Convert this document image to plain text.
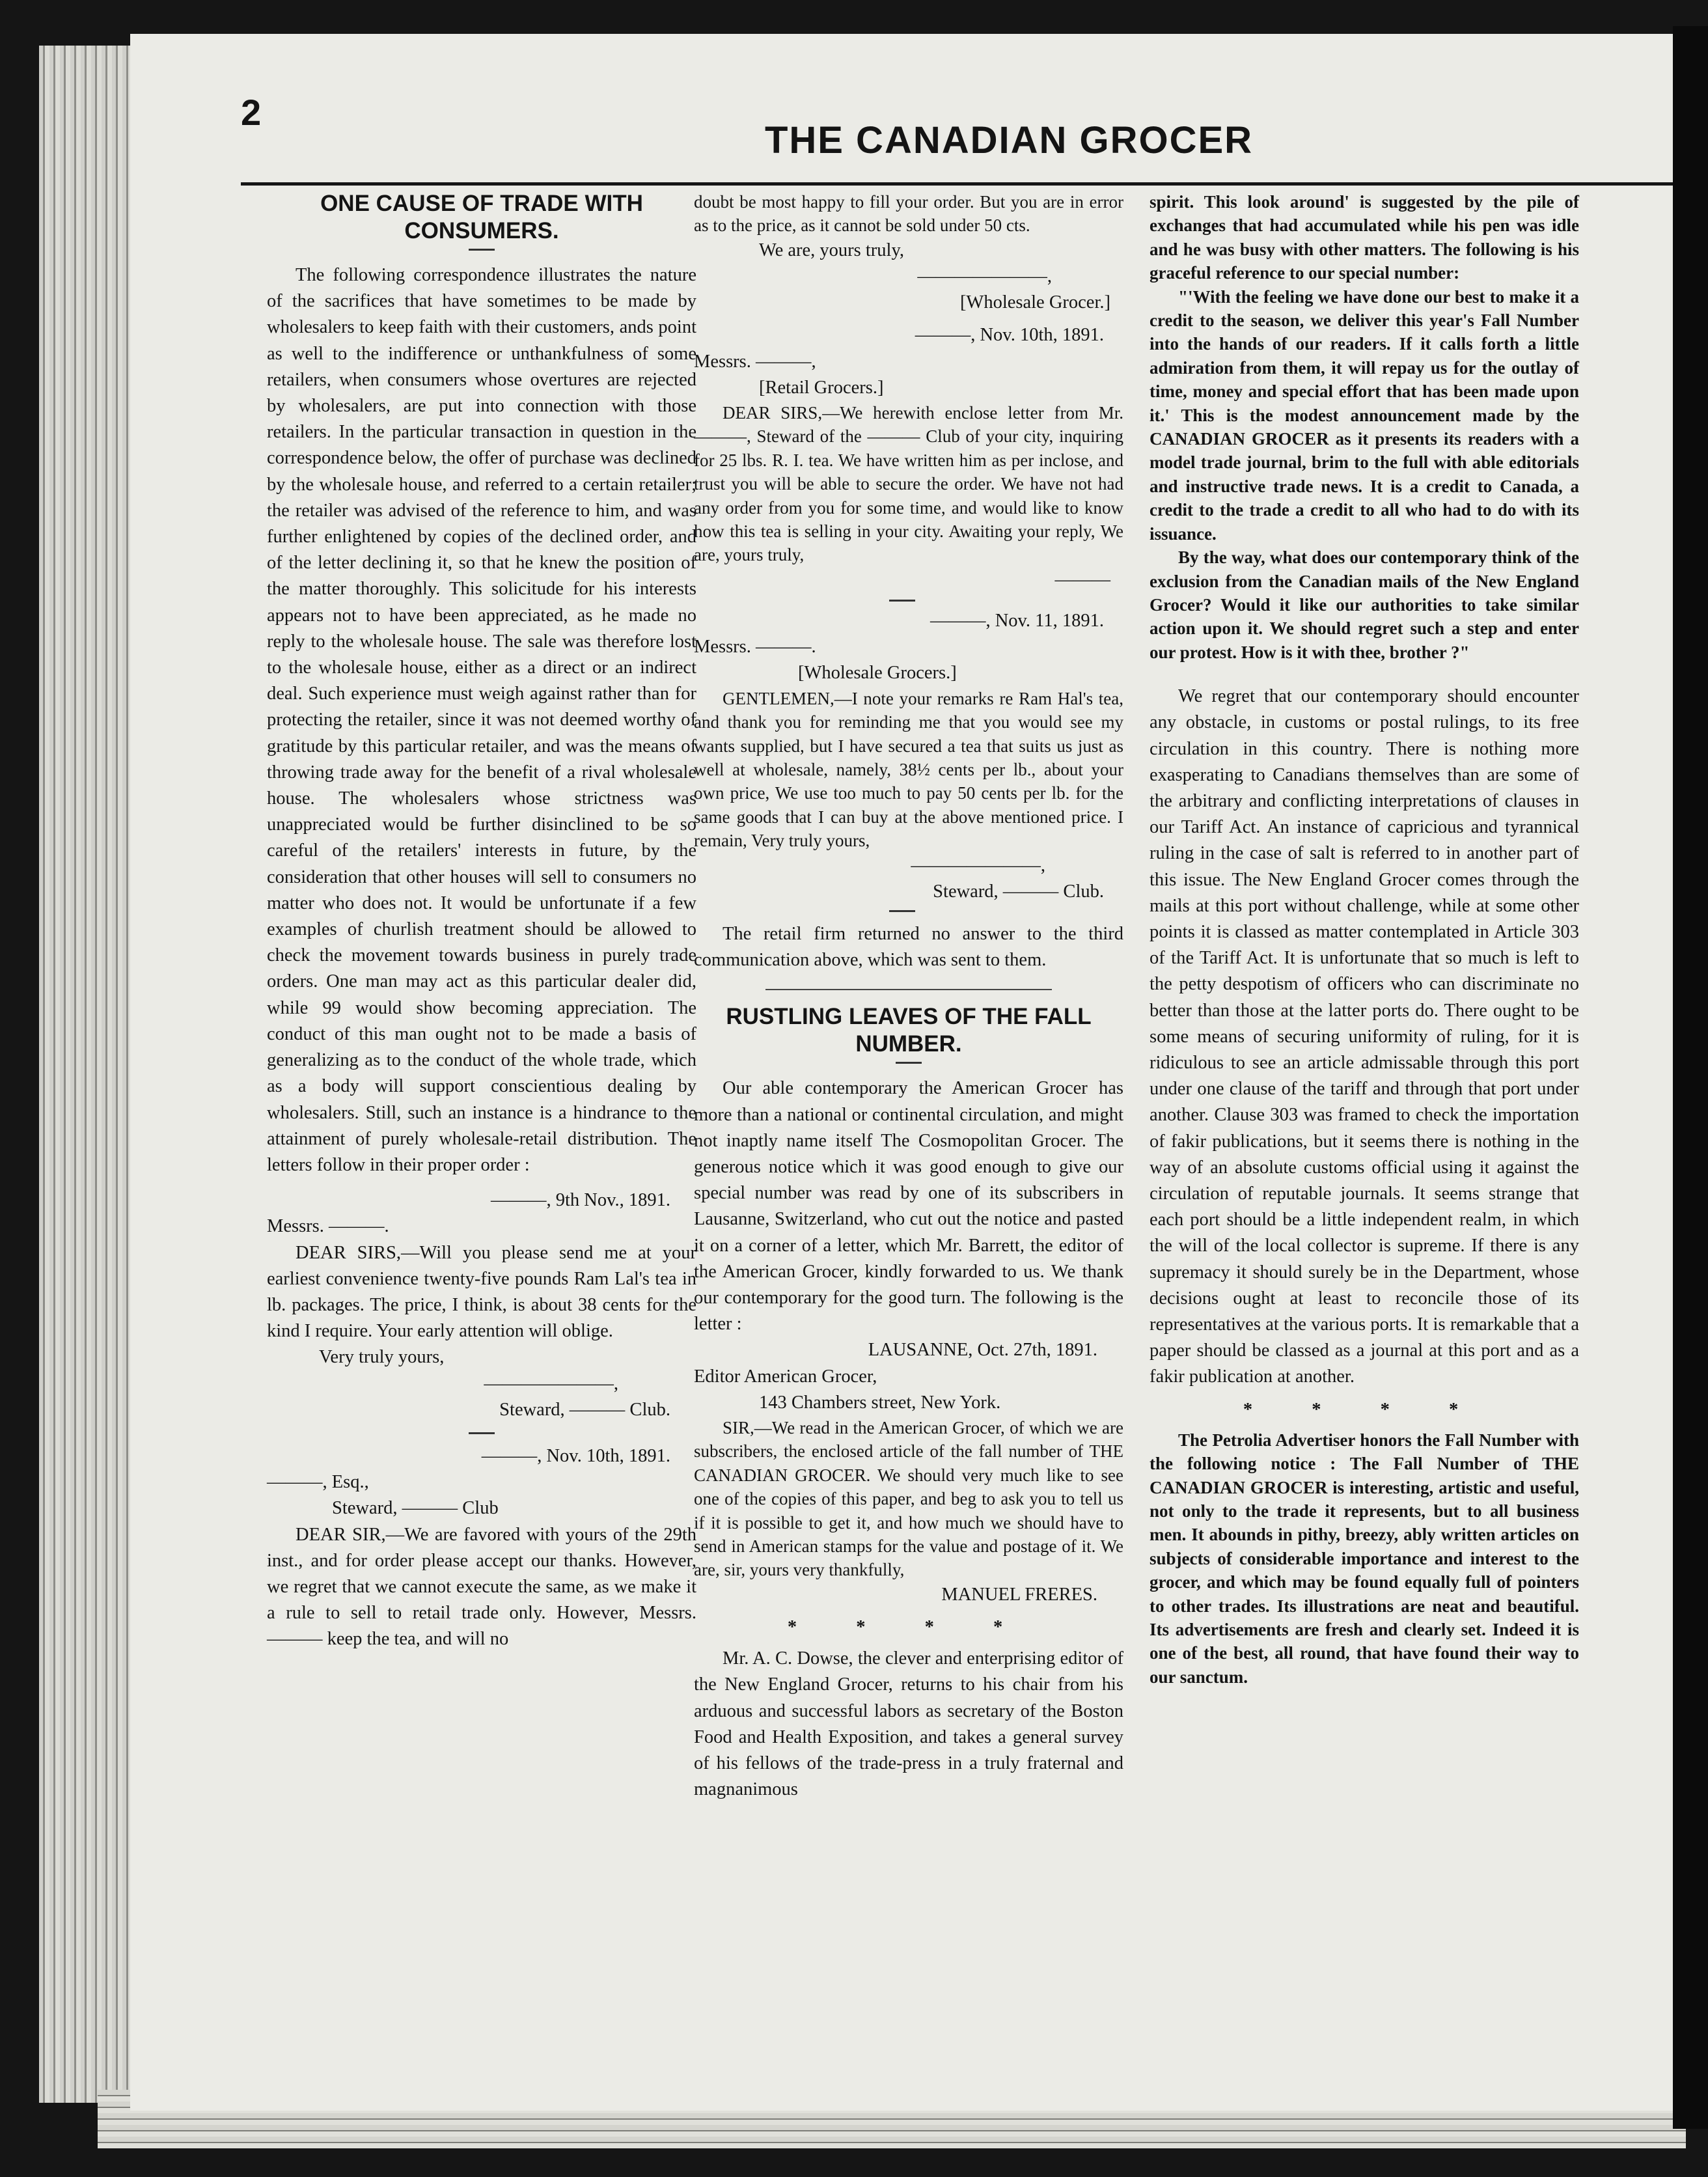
2
THE CANADIAN GROCER
ONE CAUSE OF TRADE WITH CONSUMERS.

The following correspondence illustrates the nature of the sacrifices that have sometimes to be made by wholesalers to keep faith with their customers, ands point as well to the indifference or unthankfulness of some retailers, when consumers whose overtures are rejected by wholesalers, are put into connection with those retailers. In the particular transaction in question in the correspondence below, the offer of purchase was declined by the wholesale house, and referred to a certain retailer; the retailer was advised of the reference to him, and was further enlightened by copies of the declined order, and of the letter declining it, so that he knew the position of the matter thoroughly. This solicitude for his interests appears not to have been appreciated, as he made no reply to the wholesale house. The sale was therefore lost to the wholesale house, either as a direct or an indirect deal. Such experience must weigh against rather than for protecting the retailer, since it was not deemed worthy of gratitude by this particular retailer, and was the means of throwing trade away for the benefit of a rival wholesale house. The wholesalers whose strictness was unappreciated would be further disinclined to be so careful of the retailers' interests in future, by the consideration that other houses will sell to consumers no matter who does not. It would be unfortunate if a few examples of churlish treatment should be allowed to check the movement towards business in purely trade orders. One man may act as this particular dealer did, while 99 would show becoming appreciation. The conduct of this man ought not to be made a basis of generalizing as to the conduct of the whole trade, which as a body will support conscientious dealing by wholesalers. Still, such an instance is a hindrance to the attainment of purely wholesale-retail distribution. The letters follow in their proper order :

———, 9th Nov., 1891.

Messrs. ———.

DEAR SIRS,—Will you please send me at your earliest convenience twenty-five pounds Ram Lal's tea in lb. packages. The price, I think, is about 38 cents for the kind I require. Your early attention will oblige.

Very truly yours,

———————,

Steward, ——— Club.

———, Nov. 10th, 1891.

———, Esq.,

Steward, ——— Club

DEAR SIR,—We are favored with yours of the 29th inst., and for order please accept our thanks. However, we regret that we cannot execute the same, as we make it a rule to sell to retail trade only. However, Messrs. ——— keep the tea, and will no

doubt be most happy to fill your order. But you are in error as to the price, as it cannot be sold under 50 cts.

We are, yours truly,

———————,

[Wholesale Grocer.]

———, Nov. 10th, 1891.

Messrs. ———,

[Retail Grocers.]

DEAR SIRS,—We herewith enclose letter from Mr. ———, Steward of the ——— Club of your city, inquiring for 25 lbs. R. I. tea. We have written him as per inclose, and trust you will be able to secure the order. We have not had any order from you for some time, and would like to know how this tea is selling in your city. Awaiting your reply, We are, yours truly,

———

———, Nov. 11, 1891.

Messrs. ———.

[Wholesale Grocers.]

GENTLEMEN,—I note your remarks re Ram Hal's tea, and thank you for reminding me that you would see my wants supplied, but I have secured a tea that suits us just as well at wholesale, namely, 38½ cents per lb., about your own price, We use too much to pay 50 cents per lb. for the same goods that I can buy at the above mentioned price. I remain, Very truly yours,

———————,

Steward, ——— Club.

The retail firm returned no answer to the third communication above, which was sent to them.

RUSTLING LEAVES OF THE FALL NUMBER.

Our able contemporary the American Grocer has more than a national or continental circulation, and might not inaptly name itself The Cosmopolitan Grocer. The generous notice which it was good enough to give our special number was read by one of its subscribers in Lausanne, Switzerland, who cut out the notice and pasted it on a corner of a letter, which Mr. Barrett, the editor of the American Grocer, kindly forwarded to us. We thank our contemporary for the good turn. The following is the letter :

LAUSANNE, Oct. 27th, 1891.

Editor American Grocer,

143 Chambers street, New York.

SIR,—We read in the American Grocer, of which we are subscribers, the enclosed article of the fall number of THE CANADIAN GROCER. We should very much like to see one of the copies of this paper, and beg to ask you to tell us if it is possible to get it, and how much we should have to send in American stamps for the value and postage of it. We are, sir, yours very thankfully,

MANUEL FRERES.

* * * *

Mr. A. C. Dowse, the clever and enterprising editor of the New England Grocer, returns to his chair from his arduous and successful labors as secretary of the Boston Food and Health Exposition, and takes a general survey of his fellows of the trade-press in a truly fraternal and magnanimous

spirit. This look around' is suggested by the pile of exchanges that had accumulated while his pen was idle and he was busy with other matters. The following is his graceful reference to our special number:

"'With the feeling we have done our best to make it a credit to the season, we deliver this year's Fall Number into the hands of our readers. If it calls forth a little admiration from them, it will repay us for the outlay of time, money and special effort that has been made upon it.' This is the modest announcement made by the CANADIAN GROCER as it presents its readers with a model trade journal, brim to the full with able editorials and instructive trade news. It is a credit to Canada, a credit to the trade a credit to all who had to do with its issuance.

By the way, what does our contemporary think of the exclusion from the Canadian mails of the New England Grocer? Would it like our authorities to take similar action upon it. We should regret such a step and enter our protest. How is it with thee, brother ?"

We regret that our contemporary should encounter any obstacle, in customs or postal rulings, to its free circulation in this country. There is nothing more exasperating to Canadians themselves than are some of the arbitrary and conflicting interpretations of clauses in our Tariff Act. An instance of capricious and tyrannical ruling in the case of salt is referred to in another part of this issue. The New England Grocer comes through the mails at this port without challenge, while at some other points it is classed as matter contemplated in Article 303 of the Tariff Act. It is unfortunate that so much is left to the petty despotism of officers who can discriminate no better than those at the latter ports do. There ought to be some means of securing uniformity of ruling, for it is ridiculous to see an article admissable through this port under one clause of the tariff and through that port under another. Clause 303 was framed to check the importation of fakir publications, but it seems there is nothing in the way of an absolute customs official using it against the circulation of reputable journals. It seems strange that each port should be a little independent realm, in which the will of the local collector is supreme. If there is any supremacy it should surely be in the Department, whose decisions ought at least to reconcile those of its representatives at the various ports. It is remarkable that a paper should be classed as a journal at this port and as a fakir publication at another.

* * * *

The Petrolia Advertiser honors the Fall Number with the following notice : The Fall Number of THE CANADIAN GROCER is interesting, artistic and useful, not only to the trade it represents, but to all business men. It abounds in pithy, breezy, ably written articles on subjects of considerable importance and interest to the grocer, and which may be found equally full of pointers to other trades. Its illustrations are neat and beautiful. Its advertisements are fresh and clearly set. Indeed it is one of the best, all round, that have found their way to our sanctum.
